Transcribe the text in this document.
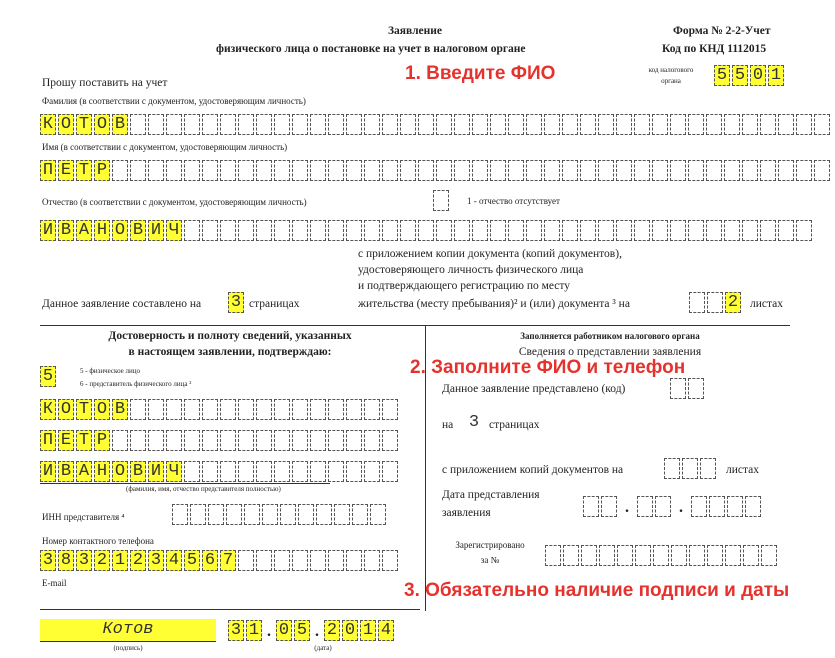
Заявление
физического лица о постановке на учет в налоговом органе
Форма № 2-2-Учет
Код по КНД 1112015
код налогового
органа	5 5 0 1
1. Введите ФИО
Прошу поставить на учет
Фамилия (в соответствии с документом, удостоверяющим личность)
К О Т О В
Имя (в соответствии с документом, удостоверяющим личность)
П Е Т Р
Отчество (в соответствии с документом, удостоверяющим личность)	1 - отчество отсутствует
И В А Н О В И Ч
с приложением копии документа (копий документов),
удостоверяющего личность физического лица
и подтверждающего регистрацию по месту
жительства (месту пребывания)² и (или) документа ³ на	2 листах
Данное заявление составлено на 3 страницах
Достоверность и полноту сведений, указанных
в настоящем заявлении, подтверждаю:
5	5 - физическое лицо
6 - представитель физического лица ²
К О Т О В
П Е Т Р
И В А Н О В И Ч
(фамилия, имя, отчество представителя полностью)
ИНН представителя ⁴
Номер контактного телефона
3 8 3 2 1 2 3 4 5 6 7
E-mail
Котов
(подпись)
3 1 . 0 5 . 2 0 1 4
(дата)
Заполняется работником налогового органа
Сведения о представлении заявления
2. Заполните ФИО и телефон
Данное заявление представлено (код)
на 3 страницах
с приложением копий документов на	листах
Дата представления
заявления	.	.
Зарегистрировано
за №
3. Обязательно наличие подписи и даты
